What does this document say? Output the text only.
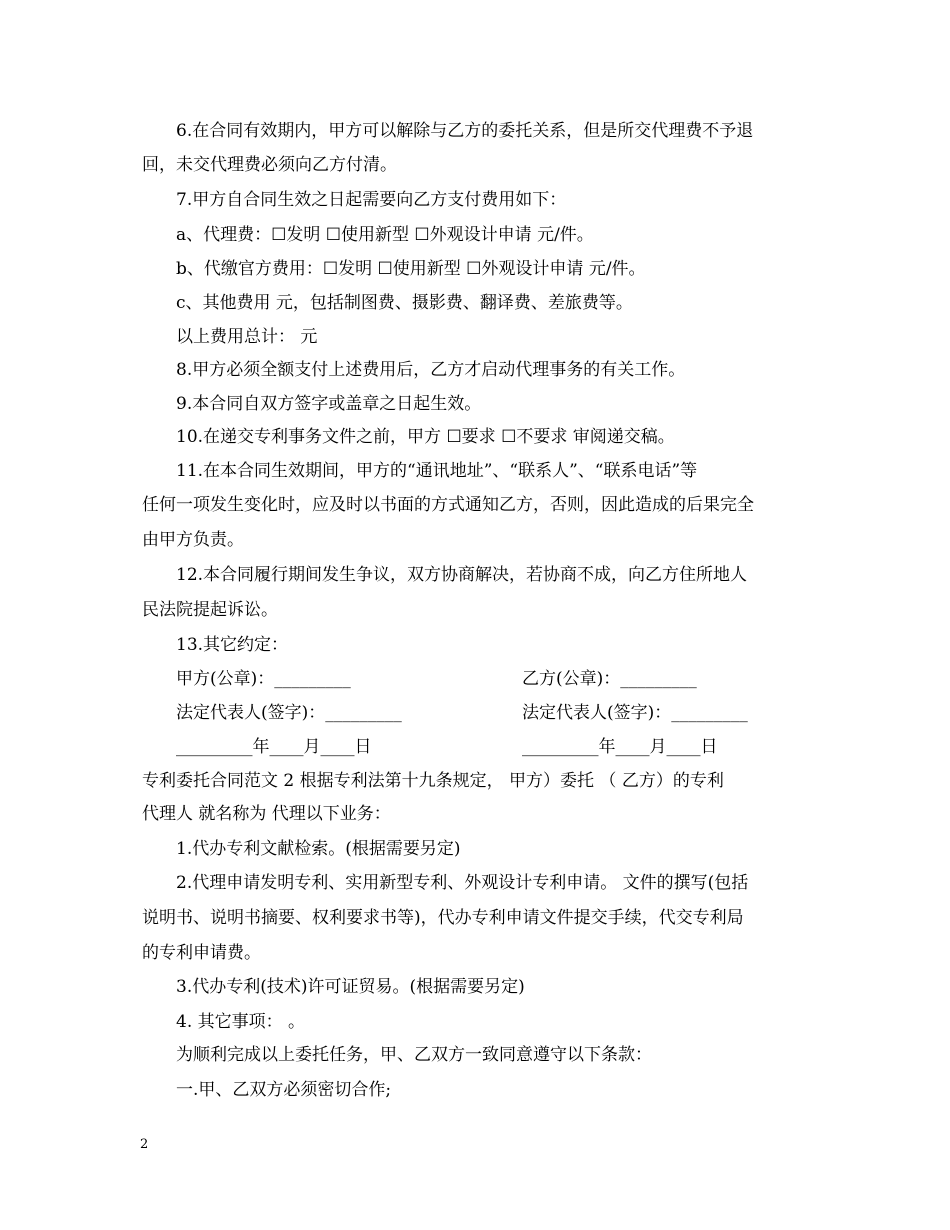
6.在合同有效期内，甲方可以解除与乙方的委托关系，但是所交代理费不予退
回，未交代理费必须向乙方付清。
7.甲方自合同生效之日起需要向乙方支付费用如下：
a、代理费：☐发明 ☐使用新型 ☐外观设计申请 元/件。
b、代缴官方费用：☐发明 ☐使用新型 ☐外观设计申请 元/件。
c、其他费用 元，包括制图费、摄影费、翻译费、差旅费等。
以上费用总计： 元
8.甲方必须全额支付上述费用后，乙方才启动代理事务的有关工作。
9.本合同自双方签字或盖章之日起生效。
10.在递交专利事务文件之前，甲方 ☐要求 ☐不要求 审阅递交稿。
11.在本合同生效期间，甲方的“通讯地址”、“联系人”、“联系电话”等
任何一项发生变化时，应及时以书面的方式通知乙方，否则，因此造成的后果完全
由甲方负责。
12.本合同履行期间发生争议，双方协商解决，若协商不成，向乙方住所地人
民法院提起诉讼。
13.其它约定：
甲方(公章)：_________	乙方(公章)：_________
法定代表人(签字)：_________	法定代表人(签字)：_________
_________年____月____日	_________年____月____日
专利委托合同范文 2 根据专利法第十九条规定， 甲方）委托 （ 乙方）的专利
代理人 就名称为 代理以下业务：
1.代办专利文献检索。(根据需要另定)
2.代理申请发明专利、实用新型专利、外观设计专利申请。 文件的撰写(包括
说明书、说明书摘要、权利要求书等)，代办专利申请文件提交手续，代交专利局
的专利申请费。
3.代办专利(技术)许可证贸易。(根据需要另定)
4. 其它事项： 。
为顺利完成以上委托任务，甲、乙双方一致同意遵守以下条款：
一.甲、乙双方必须密切合作;
2
